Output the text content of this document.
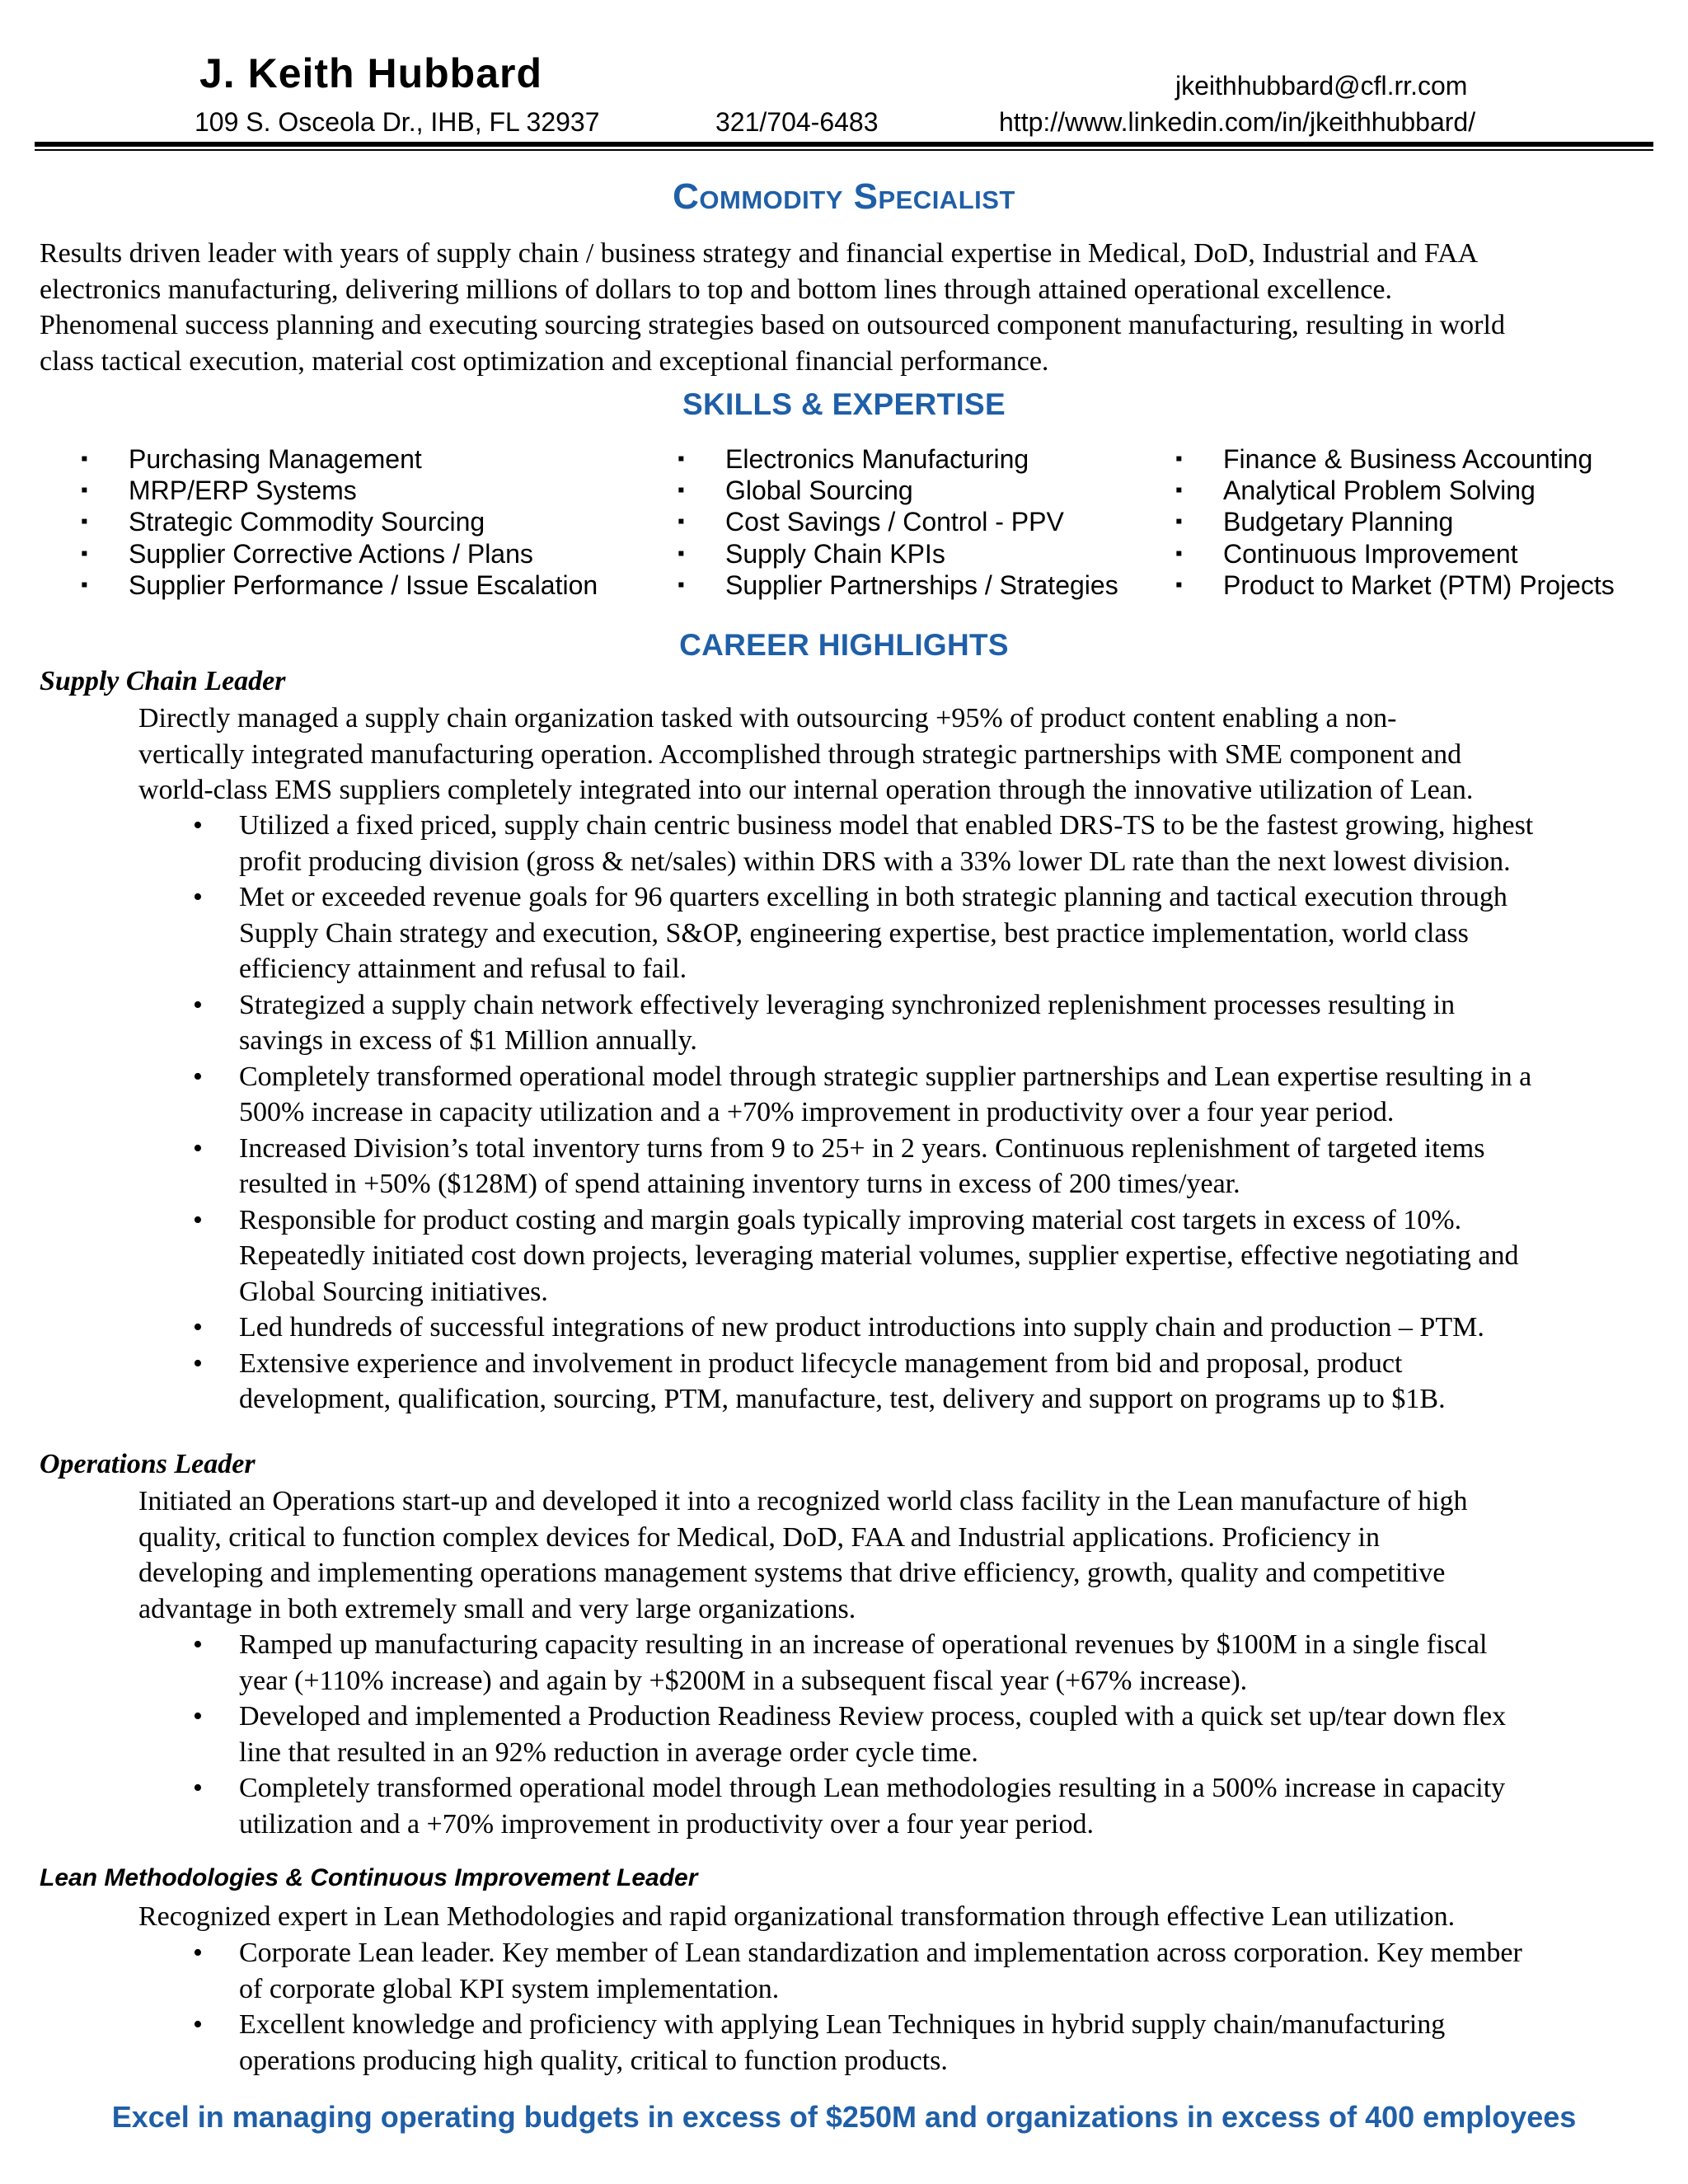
J. Keith Hubbard	jkeithhubbard@cfl.rr.com
109 S. Osceola Dr., IHB, FL 32937	321/704-6483	http://www.linkedin.com/in/jkeithhubbard/
Commodity Specialist
Results driven leader with years of supply chain / business strategy and financial expertise in Medical, DoD, Industrial and FAA
electronics manufacturing, delivering millions of dollars to top and bottom lines through attained operational excellence.
Phenomenal success planning and executing sourcing strategies based on outsourced component manufacturing, resulting in world
class tactical execution, material cost optimization and exceptional financial performance.
SKILLS & EXPERTISE
▪ Purchasing Management
▪ MRP/ERP Systems
▪ Strategic Commodity Sourcing
▪ Supplier Corrective Actions / Plans
▪ Supplier Performance / Issue Escalation
▪ Electronics Manufacturing
▪ Global Sourcing
▪ Cost Savings / Control - PPV
▪ Supply Chain KPIs
▪ Supplier Partnerships / Strategies
▪ Finance & Business Accounting
▪ Analytical Problem Solving
▪ Budgetary Planning
▪ Continuous Improvement
▪ Product to Market (PTM) Projects
CAREER HIGHLIGHTS
Supply Chain Leader
Directly managed a supply chain organization tasked with outsourcing +95% of product content enabling a non-
vertically integrated manufacturing operation. Accomplished through strategic partnerships with SME component and
world-class EMS suppliers completely integrated into our internal operation through the innovative utilization of Lean.
• Utilized a fixed priced, supply chain centric business model that enabled DRS-TS to be the fastest growing, highest
profit producing division (gross & net/sales) within DRS with a 33% lower DL rate than the next lowest division.
• Met or exceeded revenue goals for 96 quarters excelling in both strategic planning and tactical execution through
Supply Chain strategy and execution, S&OP, engineering expertise, best practice implementation, world class
efficiency attainment and refusal to fail.
• Strategized a supply chain network effectively leveraging synchronized replenishment processes resulting in
savings in excess of $1 Million annually.
• Completely transformed operational model through strategic supplier partnerships and Lean expertise resulting in a
500% increase in capacity utilization and a +70% improvement in productivity over a four year period.
• Increased Division’s total inventory turns from 9 to 25+ in 2 years. Continuous replenishment of targeted items
resulted in +50% ($128M) of spend attaining inventory turns in excess of 200 times/year.
• Responsible for product costing and margin goals typically improving material cost targets in excess of 10%.
Repeatedly initiated cost down projects, leveraging material volumes, supplier expertise, effective negotiating and
Global Sourcing initiatives.
• Led hundreds of successful integrations of new product introductions into supply chain and production – PTM.
• Extensive experience and involvement in product lifecycle management from bid and proposal, product
development, qualification, sourcing, PTM, manufacture, test, delivery and support on programs up to $1B.
Operations Leader
Initiated an Operations start-up and developed it into a recognized world class facility in the Lean manufacture of high
quality, critical to function complex devices for Medical, DoD, FAA and Industrial applications. Proficiency in
developing and implementing operations management systems that drive efficiency, growth, quality and competitive
advantage in both extremely small and very large organizations.
• Ramped up manufacturing capacity resulting in an increase of operational revenues by $100M in a single fiscal
year (+110% increase) and again by +$200M in a subsequent fiscal year (+67% increase).
• Developed and implemented a Production Readiness Review process, coupled with a quick set up/tear down flex
line that resulted in an 92% reduction in average order cycle time.
• Completely transformed operational model through Lean methodologies resulting in a 500% increase in capacity
utilization and a +70% improvement in productivity over a four year period.
Lean Methodologies & Continuous Improvement Leader
Recognized expert in Lean Methodologies and rapid organizational transformation through effective Lean utilization.
• Corporate Lean leader. Key member of Lean standardization and implementation across corporation. Key member
of corporate global KPI system implementation.
• Excellent knowledge and proficiency with applying Lean Techniques in hybrid supply chain/manufacturing
operations producing high quality, critical to function products.
Excel in managing operating budgets in excess of $250M and organizations in excess of 400 employees
